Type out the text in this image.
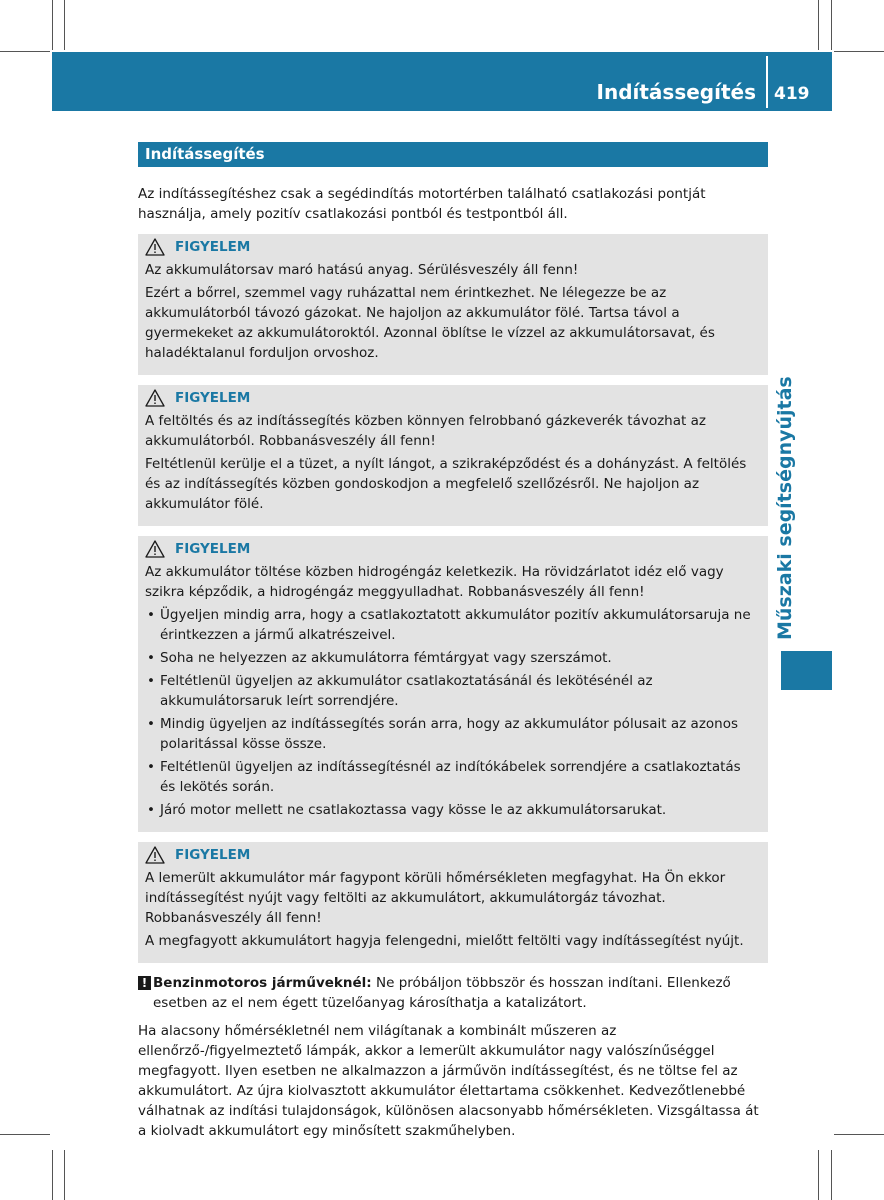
Indítássegítés 419
Műszaki segítségnyújtás
Indítássegítés

Az indítássegítéshez csak a segédindítás motortérben található csatlakozási pontját használja, amely pozitív csatlakozási pontból és testpontból áll.

FIGYELEM

Az akkumulátorsav maró hatású anyag. Sérülésveszély áll fenn!

Ezért a bőrrel, szemmel vagy ruházattal nem érintkezhet. Ne lélegezze be az akkumulátorból távozó gázokat. Ne hajoljon az akkumulátor fölé. Tartsa távol a gyermekeket az akkumulátoroktól. Azonnal öblítse le vízzel az akkumulátorsavat, és haladéktalanul forduljon orvoshoz.

FIGYELEM

A feltöltés és az indítássegítés közben könnyen felrobbanó gázkeverék távozhat az akkumulátorból. Robbanásveszély áll fenn!

Feltétlenül kerülje el a tüzet, a nyílt lángot, a szikraképződést és a dohányzást. A feltölés és az indítássegítés közben gondoskodjon a megfelelő szellőzésről. Ne hajoljon az akkumulátor fölé.

FIGYELEM

Az akkumulátor töltése közben hidrogéngáz keletkezik. Ha rövidzárlatot idéz elő vagy szikra képződik, a hidrogéngáz meggyulladhat. Robbanásveszély áll fenn!

• Ügyeljen mindig arra, hogy a csatlakoztatott akkumulátor pozitív akkumulátorsaruja ne érintkezzen a jármű alkatrészeivel.
• Soha ne helyezzen az akkumulátorra fémtárgyat vagy szerszámot.
• Feltétlenül ügyeljen az akkumulátor csatlakoztatásánál és lekötésénél az akkumulátorsaruk leírt sorrendjére.
• Mindig ügyeljen az indítássegítés során arra, hogy az akkumulátor pólusait az azonos polaritással kösse össze.
• Feltétlenül ügyeljen az indítássegítésnél az indítókábelek sorrendjére a csatlakoztatás és lekötés során.
• Járó motor mellett ne csatlakoztassa vagy kösse le az akkumulátorsarukat.
FIGYELEM

A lemerült akkumulátor már fagypont körüli hőmérsékleten megfagyhat. Ha Ön ekkor indítássegítést nyújt vagy feltölti az akkumulátort, akkumulátorgáz távozhat. Robbanásveszély áll fenn!

A megfagyott akkumulátort hagyja felengedni, mielőtt feltölti vagy indítássegítést nyújt.

! Benzinmotoros járműveknél: Ne próbáljon többször és hosszan indítani. Ellenkező esetben az el nem égett tüzelőanyag károsíthatja a katalizátort.

Ha alacsony hőmérsékletnél nem világítanak a kombinált műszeren az ellenőrző-/figyelmeztető lámpák, akkor a lemerült akkumulátor nagy valószínűséggel megfagyott. Ilyen esetben ne alkalmazzon a járművön indítássegítést, és ne töltse fel az akkumulátort. Az újra kiolvasztott akkumulátor élettartama csökkenhet. Kedvezőtlenebbé válhatnak az indítási tulajdonságok, különösen alacsonyabb hőmérsékleten. Vizsgáltassa át a kiolvadt akkumulátort egy minősített szakműhelyben.
